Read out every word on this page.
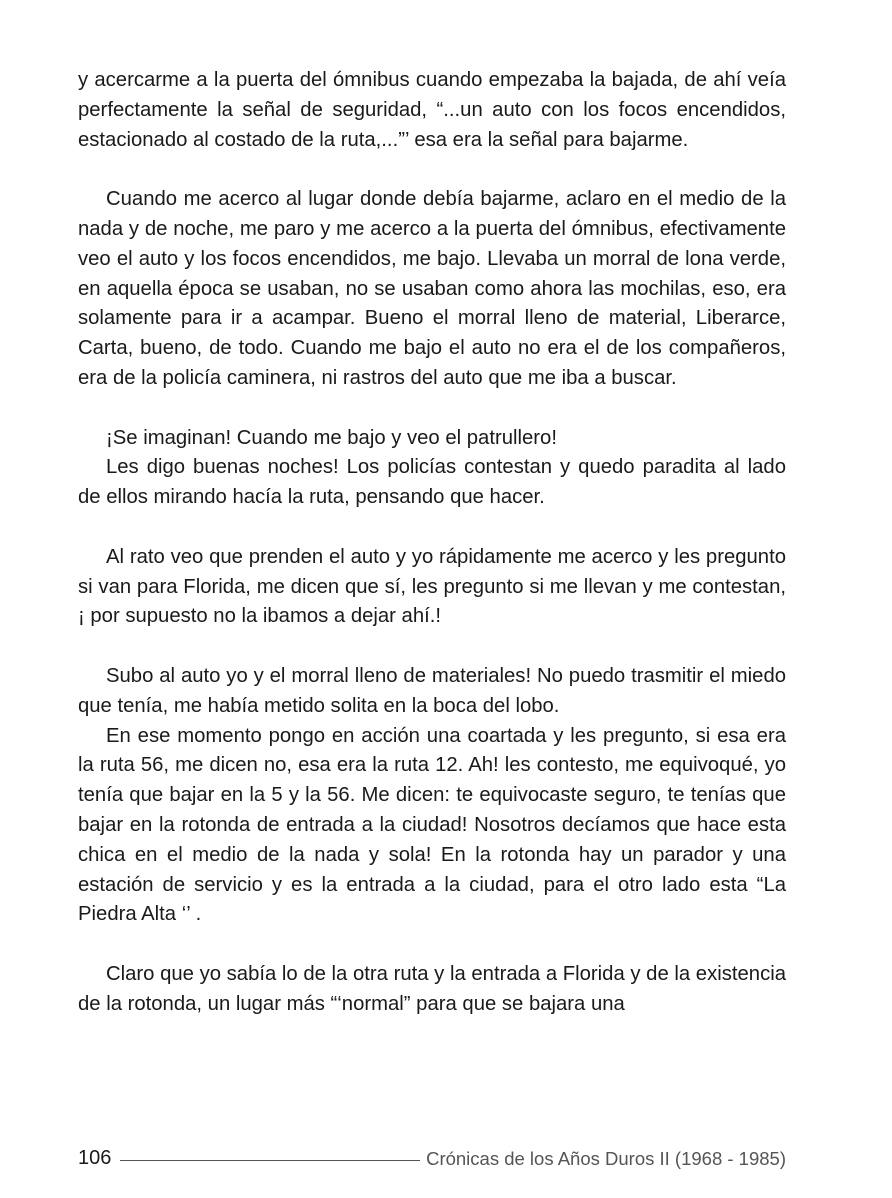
y acercarme a la puerta del ómnibus cuando empezaba la bajada, de ahí veía perfectamente la señal de seguridad, “...un auto con los focos encendidos, estacionado al costado de la ruta,...”’ esa era la señal para bajarme.

Cuando me acerco al lugar donde debía bajarme, aclaro en el medio de la nada y de noche, me paro y me acerco a la puerta del ómnibus, efectivamente veo el auto y los focos encendidos, me bajo. Llevaba un morral de lona verde, en aquella época se usaban, no se usaban como ahora las mochilas, eso, era solamente para ir a acampar. Bueno el morral lleno de material, Liberarce, Carta, bueno, de todo. Cuando me bajo el auto no era el de los compañeros, era de la policía caminera, ni rastros del auto que me iba a buscar.

¡Se imaginan! Cuando me bajo y veo el patrullero!

Les digo buenas noches! Los policías contestan y quedo paradita al lado de ellos mirando hacía la ruta, pensando que hacer.

Al rato veo que prenden el auto y yo rápidamente me acerco y les pregunto si van para Florida, me dicen que sí, les pregunto si me llevan y me contestan, ¡ por supuesto no la ibamos a dejar ahí.!

Subo al auto yo y el morral lleno de materiales! No puedo trasmitir el miedo que tenía, me había metido solita en la boca del lobo.

En ese momento pongo en acción una coartada y les pregunto, si esa era la ruta 56, me dicen no, esa era la ruta 12. Ah! les contesto, me equivoqué, yo tenía que bajar en la 5 y la 56. Me dicen: te equivocaste seguro, te tenías que bajar en la rotonda de entrada a la ciudad! Nosotros decíamos que hace esta chica en el medio de la nada y sola! En la rotonda hay un parador y una estación de servicio y es la entrada a la ciudad, para el otro lado esta “La Piedra Alta ‘’ .

Claro que yo sabía lo de la otra ruta y la entrada a Florida y de la existencia de la rotonda, un lugar más “‘normal” para que se bajara una

106	Crónicas de los Años Duros II (1968 - 1985)
